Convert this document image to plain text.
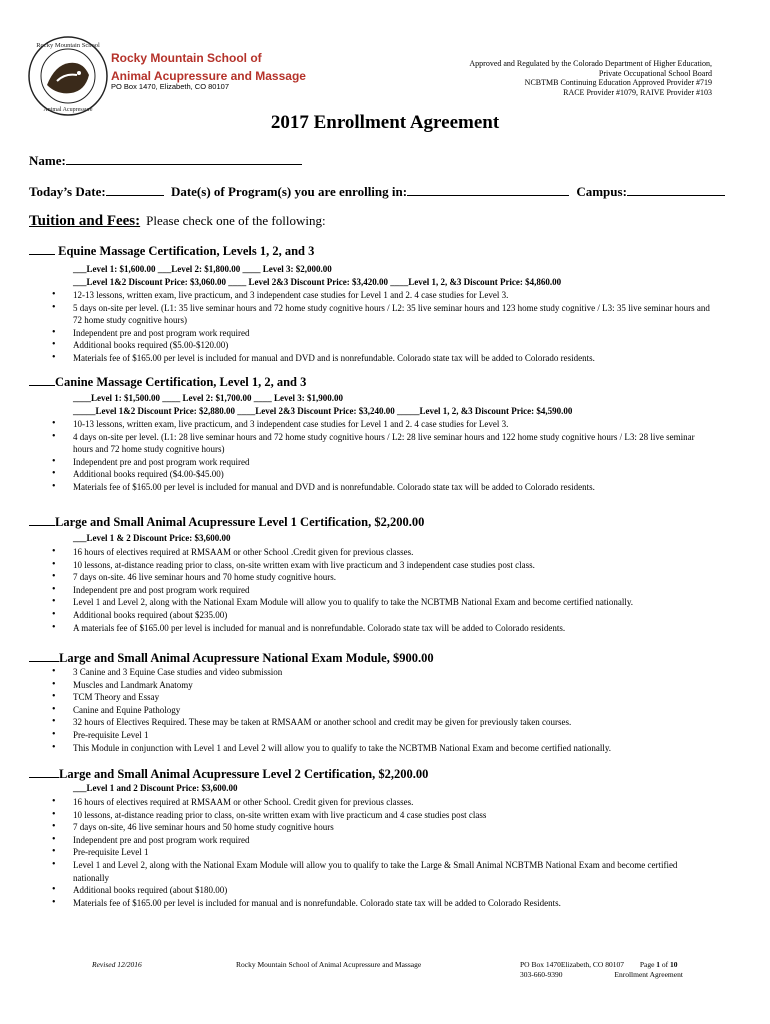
Rocky Mountain School
Animal Acupressure
Rocky Mountain School of
Animal Acupressure and Massage
PO Box 1470, Elizabeth, CO 80107
Approved and Regulated by the Colorado Department of Higher Education,
Private Occupational School Board
NCBTMB Continuing Education Approved Provider #719
RACE Provider #1079, RAIVE Provider #103
2017 Enrollment Agreement
Name:
Today’s Date:	Date(s) of Program(s) you are enrolling in:	Campus:
Tuition and Fees: Please check one of the following:
Equine Massage Certification, Levels 1, 2, and 3
___Level 1: $1,600.00 ___Level 2: $1,800.00 ____ Level 3: $2,000.00
___Level 1&2 Discount Price: $3,060.00 ____ Level 2&3 Discount Price: $3,420.00 ____Level 1, 2, &3 Discount Price: $4,860.00
• 12-13 lessons, written exam, live practicum, and 3 independent case studies for Level 1 and 2. 4 case studies for Level 3.
• 5 days on-site per level. (L1: 35 live seminar hours and 72 home study cognitive hours / L2: 35 live seminar hours and 123 home study cognitive / L3: 35 live seminar hours and 72 home study cognitive hours)
• Independent pre and post program work required
• Additional books required ($5.00-$120.00)
• Materials fee of $165.00 per level is included for manual and DVD and is nonrefundable. Colorado state tax will be added to Colorado residents.
Canine Massage Certification, Level 1, 2, and 3
____Level 1: $1,500.00 ____ Level 2: $1,700.00 ____ Level 3: $1,900.00
_____Level 1&2 Discount Price: $2,880.00 ____Level 2&3 Discount Price: $3,240.00 _____Level 1, 2, &3 Discount Price: $4,590.00
• 10-13 lessons, written exam, live practicum, and 3 independent case studies for Level 1 and 2. 4 case studies for Level 3.
• 4 days on-site per level. (L1: 28 live seminar hours and 72 home study cognitive hours / L2: 28 live seminar hours and 122 home study cognitive hours / L3: 28 live seminar hours and 72 home study cognitive hours)
• Independent pre and post program work required
• Additional books required ($4.00-$45.00)
• Materials fee of $165.00 per level is included for manual and DVD and is nonrefundable. Colorado state tax will be added to Colorado residents.
Large and Small Animal Acupressure Level 1 Certification, $2,200.00
___Level 1 & 2 Discount Price: $3,600.00
• 16 hours of electives required at RMSAAM or other School .Credit given for previous classes.
• 10 lessons, at-distance reading prior to class, on-site written exam with live practicum and 3 independent case studies post class.
• 7 days on-site. 46 live seminar hours and 70 home study cognitive hours.
• Independent pre and post program work required
• Level 1 and Level 2, along with the National Exam Module will allow you to qualify to take the NCBTMB National Exam and become certified nationally.
• Additional books required (about $235.00)
• A materials fee of $165.00 per level is included for manual and is nonrefundable. Colorado state tax will be added to Colorado residents.
Large and Small Animal Acupressure National Exam Module, $900.00
• 3 Canine and 3 Equine Case studies and video submission
• Muscles and Landmark Anatomy
• TCM Theory and Essay
• Canine and Equine Pathology
• 32 hours of Electives Required. These may be taken at RMSAAM or another school and credit may be given for previously taken courses.
• Pre-requisite Level 1
• This Module in conjunction with Level 1 and Level 2 will allow you to qualify to take the NCBTMB National Exam and become certified nationally.
Large and Small Animal Acupressure Level 2 Certification, $2,200.00
___Level 1 and 2 Discount Price: $3,600.00
• 16 hours of electives required at RMSAAM or other School. Credit given for previous classes.
• 10 lessons, at-distance reading prior to class, on-site written exam with live practicum and 4 case studies post class
• 7 days on-site, 46 live seminar hours and 50 home study cognitive hours
• Independent pre and post program work required
• Pre-requisite Level 1
• Level 1 and Level 2, along with the National Exam Module will allow you to qualify to take the Large & Small Animal NCBTMB National Exam and become certified nationally
• Additional books required (about $180.00)
• Materials fee of $165.00 per level is included for manual and is nonrefundable. Colorado state tax will be added to Colorado Residents.
Revised 12/2016	Rocky Mountain School of Animal Acupressure and Massage	PO Box 1470Elizabeth, CO 80107 Page 1 of 10
303-660-9390	Enrollment Agreement
